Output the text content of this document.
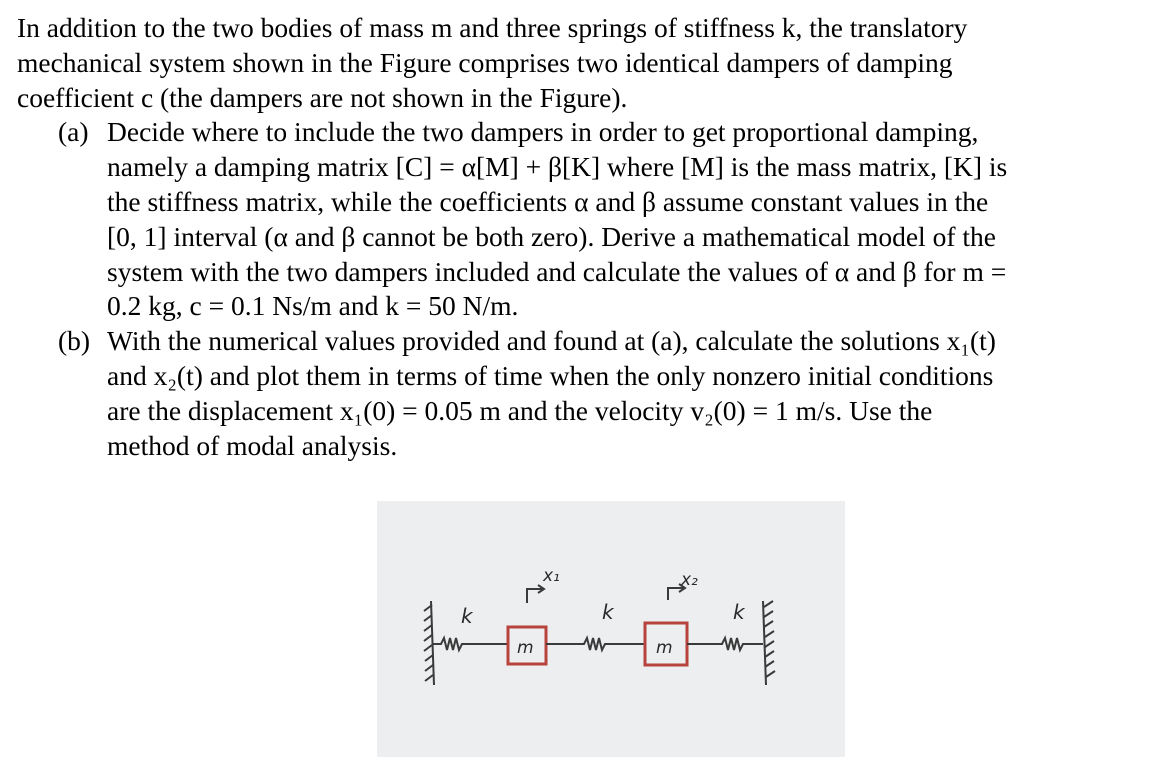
In addition to the two bodies of mass m and three springs of stiffness k, the translatory
mechanical system shown in the Figure comprises two identical dampers of damping
coefficient c (the dampers are not shown in the Figure).
(a) Decide where to include the two dampers in order to get proportional damping,
namely a damping matrix [C] = α[M] + β[K] where [M] is the mass matrix, [K] is
the stiffness matrix, while the coefficients α and β assume constant values in the
[0, 1] interval (α and β cannot be both zero). Derive a mathematical model of the
system with the two dampers included and calculate the values of α and β for m =
0.2 kg, c = 0.1 Ns/m and k = 50 N/m.
(b) With the numerical values provided and found at (a), calculate the solutions x₁(t)
and x₂(t) and plot them in terms of time when the only nonzero initial conditions
are the displacement x₁(0) = 0.05 m and the velocity v₂(0) = 1 m/s. Use the
method of modal analysis.
k
m
x₁
k
m
x₂
k
